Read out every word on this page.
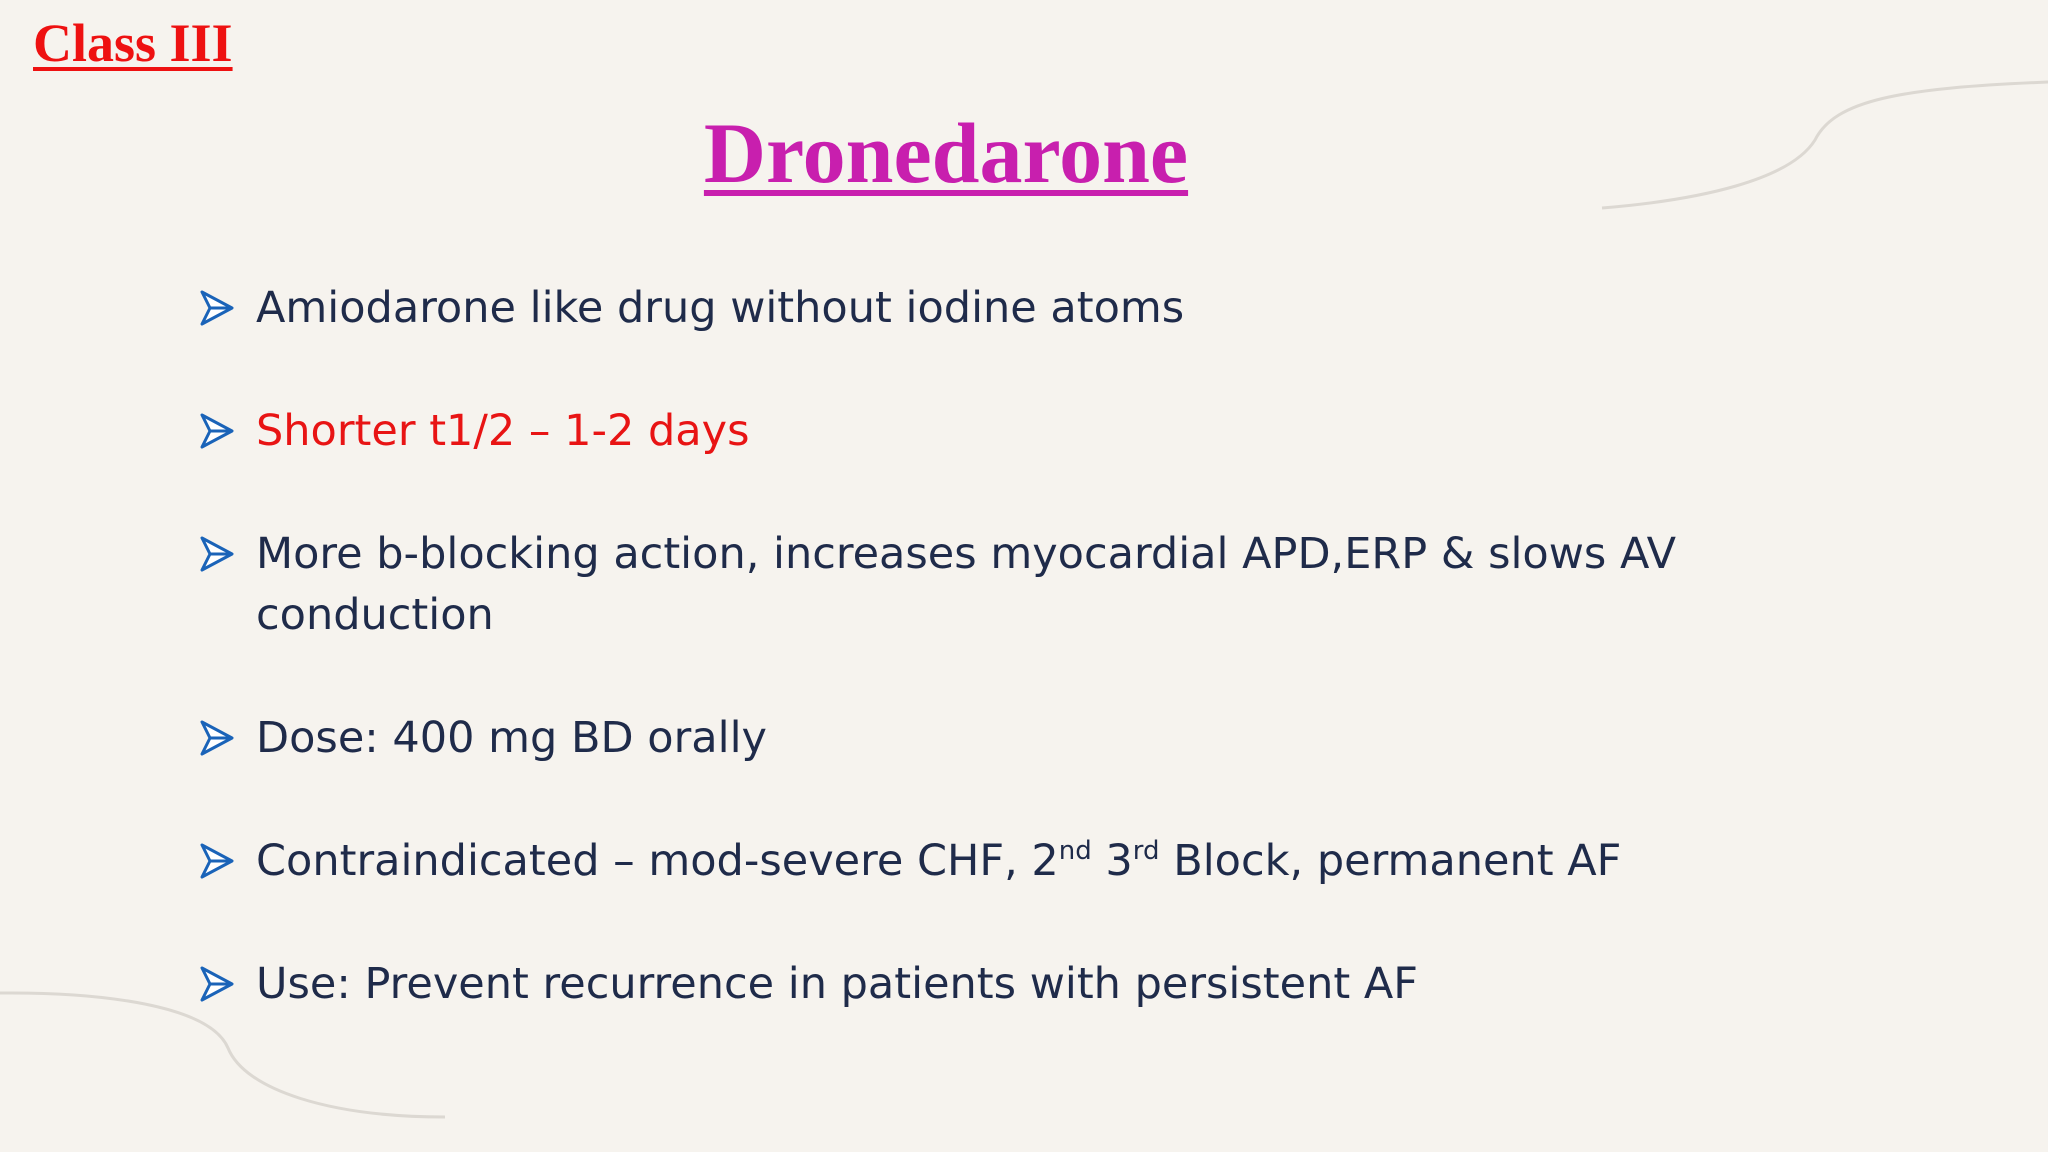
Class III
Dronedarone
Amiodarone like drug without iodine atoms
Shorter t1/2 – 1-2 days
More b-blocking action, increases myocardial APD,ERP & slows AV conduction
Dose: 400 mg BD orally
Contraindicated – mod-severe CHF, 2nd 3rd Block, permanent AF
Use: Prevent recurrence in patients with persistent AF
